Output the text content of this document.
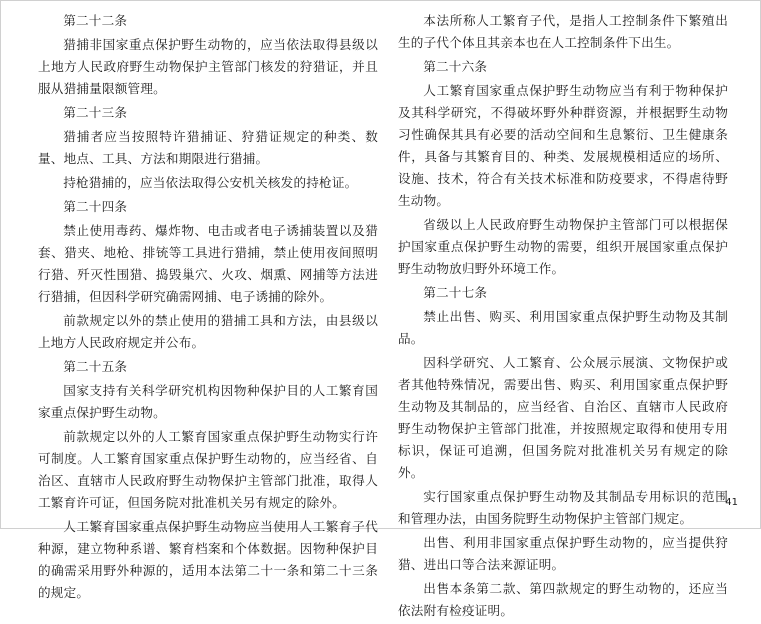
第二十二条

猎捕非国家重点保护野生动物的，应当依法取得县级以上地方人民政府野生动物保护主管部门核发的狩猎证，并且服从猎捕量限额管理。

第二十三条

猎捕者应当按照特许猎捕证、狩猎证规定的种类、数量、地点、工具、方法和期限进行猎捕。

持枪猎捕的，应当依法取得公安机关核发的持枪证。

第二十四条

禁止使用毒药、爆炸物、电击或者电子诱捕装置以及猎套、猎夹、地枪、排铳等工具进行猎捕，禁止使用夜间照明行猎、歼灭性围猎、捣毁巢穴、火攻、烟熏、网捕等方法进行猎捕，但因科学研究确需网捕、电子诱捕的除外。

前款规定以外的禁止使用的猎捕工具和方法，由县级以上地方人民政府规定并公布。

第二十五条

国家支持有关科学研究机构因物种保护目的人工繁育国家重点保护野生动物。

前款规定以外的人工繁育国家重点保护野生动物实行许可制度。人工繁育国家重点保护野生动物的，应当经省、自治区、直辖市人民政府野生动物保护主管部门批准，取得人工繁育许可证，但国务院对批准机关另有规定的除外。

人工繁育国家重点保护野生动物应当使用人工繁育子代种源，建立物种系谱、繁育档案和个体数据。因物种保护目的确需采用野外种源的，适用本法第二十一条和第二十三条的规定。

本法所称人工繁育子代，是指人工控制条件下繁殖出生的子代个体且其亲本也在人工控制条件下出生。

第二十六条

人工繁育国家重点保护野生动物应当有利于物种保护及其科学研究，不得破坏野外种群资源，并根据野生动物习性确保其具有必要的活动空间和生息繁衍、卫生健康条件，具备与其繁育目的、种类、发展规模相适应的场所、设施、技术，符合有关技术标准和防疫要求，不得虐待野生动物。

省级以上人民政府野生动物保护主管部门可以根据保护国家重点保护野生动物的需要，组织开展国家重点保护野生动物放归野外环境工作。

第二十七条

禁止出售、购买、利用国家重点保护野生动物及其制品。

因科学研究、人工繁育、公众展示展演、文物保护或者其他特殊情况，需要出售、购买、利用国家重点保护野生动物及其制品的，应当经省、自治区、直辖市人民政府野生动物保护主管部门批准，并按照规定取得和使用专用标识，保证可追溯，但国务院对批准机关另有规定的除外。

实行国家重点保护野生动物及其制品专用标识的范围和管理办法，由国务院野生动物保护主管部门规定。

出售、利用非国家重点保护野生动物的，应当提供狩猎、进出口等合法来源证明。

出售本条第二款、第四款规定的野生动物的，还应当依法附有检疫证明。

41
